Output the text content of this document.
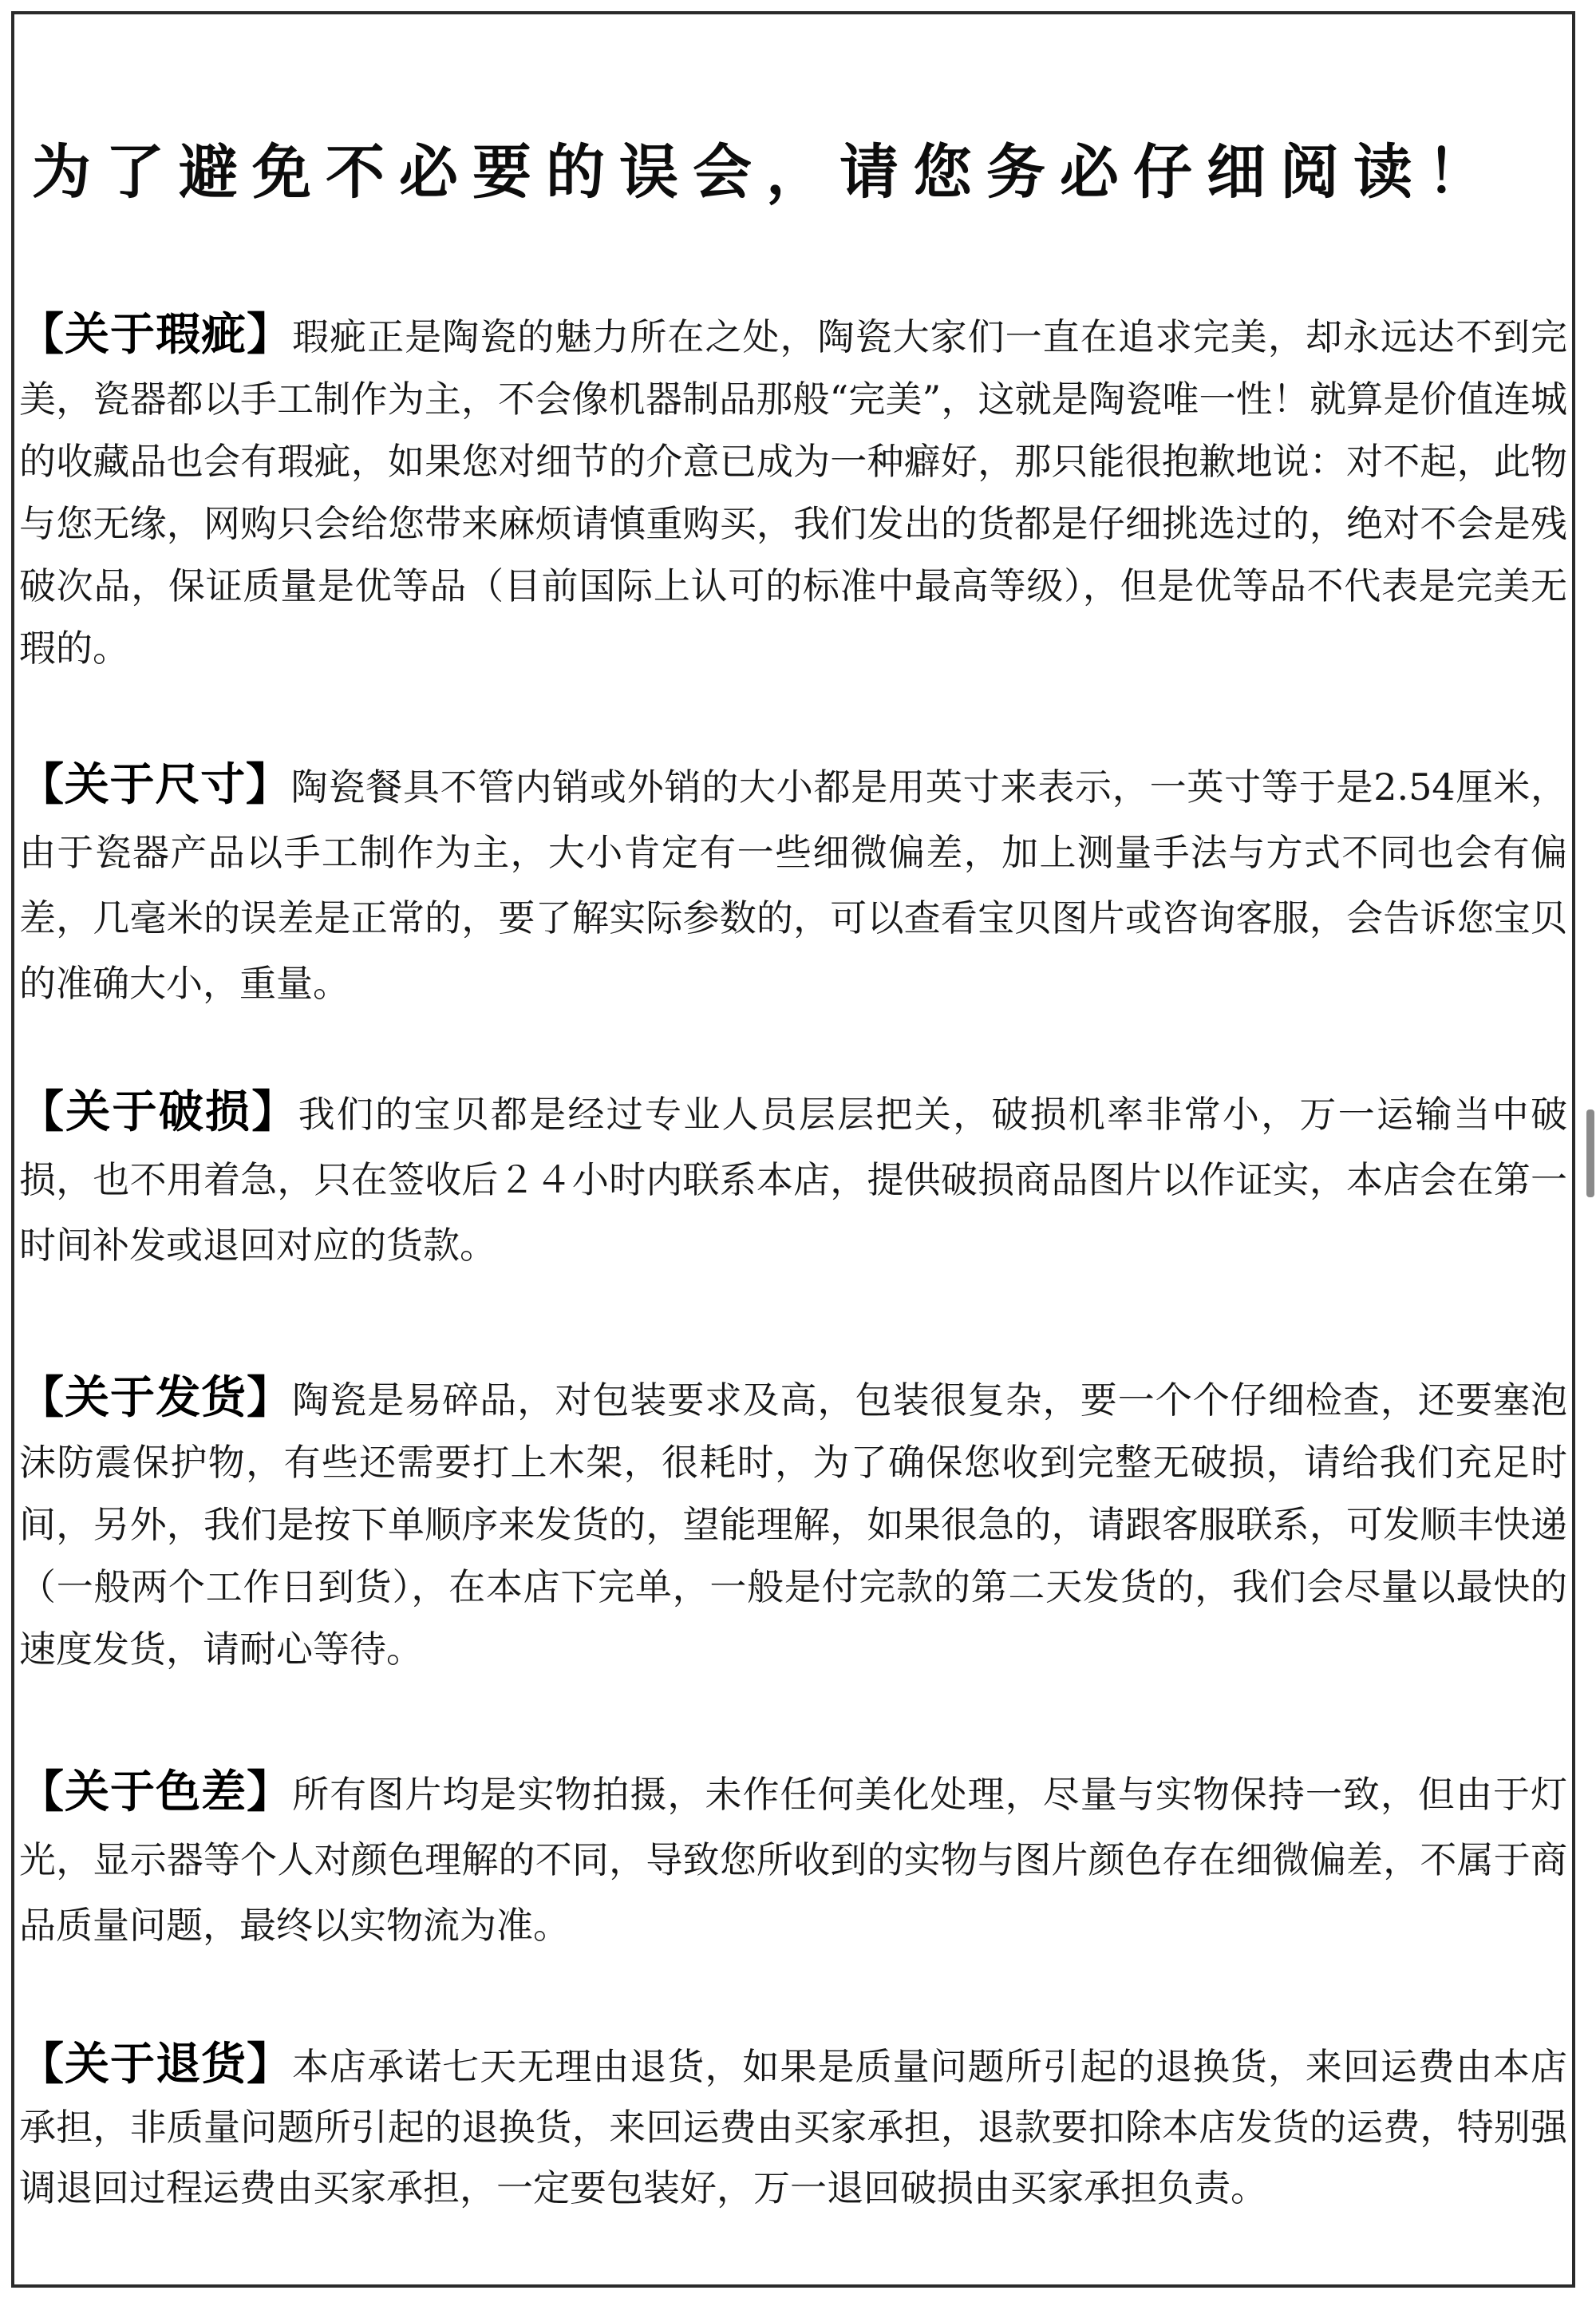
为了避免不必要的误会，请您务必仔细阅读！

【关于瑕疵】瑕疵正是陶瓷的魅力所在之处，陶瓷大家们一直在追求完美，却永远达不到完美，瓷器都以手工制作为主，不会像机器制品那般“完美”，这就是陶瓷唯一性！就算是价值连城的收藏品也会有瑕疵，如果您对细节的介意已成为一种癖好，那只能很抱歉地说：对不起，此物与您无缘，网购只会给您带来麻烦请慎重购买，我们发出的货都是仔细挑选过的，绝对不会是残破次品，保证质量是优等品（目前国际上认可的标准中最高等级），但是优等品不代表是完美无瑕的。

【关于尺寸】陶瓷餐具不管内销或外销的大小都是用英寸来表示，一英寸等于是2.54厘米，由于瓷器产品以手工制作为主，大小肯定有一些细微偏差，加上测量手法与方式不同也会有偏差，几毫米的误差是正常的，要了解实际参数的，可以查看宝贝图片或咨询客服，会告诉您宝贝的准确大小，重量。

【关于破损】我们的宝贝都是经过专业人员层层把关，破损机率非常小，万一运输当中破损，也不用着急，只在签收后２４小时内联系本店，提供破损商品图片以作证实，本店会在第一时间补发或退回对应的货款。

【关于发货】陶瓷是易碎品，对包装要求及高，包装很复杂，要一个个仔细检查，还要塞泡沫防震保护物，有些还需要打上木架，很耗时，为了确保您收到完整无破损，请给我们充足时间，另外，我们是按下单顺序来发货的，望能理解，如果很急的，请跟客服联系，可发顺丰快递（一般两个工作日到货），在本店下完单，一般是付完款的第二天发货的，我们会尽量以最快的速度发货，请耐心等待。

【关于色差】所有图片均是实物拍摄，未作任何美化处理，尽量与实物保持一致，但由于灯光，显示器等个人对颜色理解的不同，导致您所收到的实物与图片颜色存在细微偏差，不属于商品质量问题，最终以实物流为准。

【关于退货】本店承诺七天无理由退货，如果是质量问题所引起的退换货，来回运费由本店承担，非质量问题所引起的退换货，来回运费由买家承担，退款要扣除本店发货的运费，特别强调退回过程运费由买家承担，一定要包装好，万一退回破损由买家承担负责。
